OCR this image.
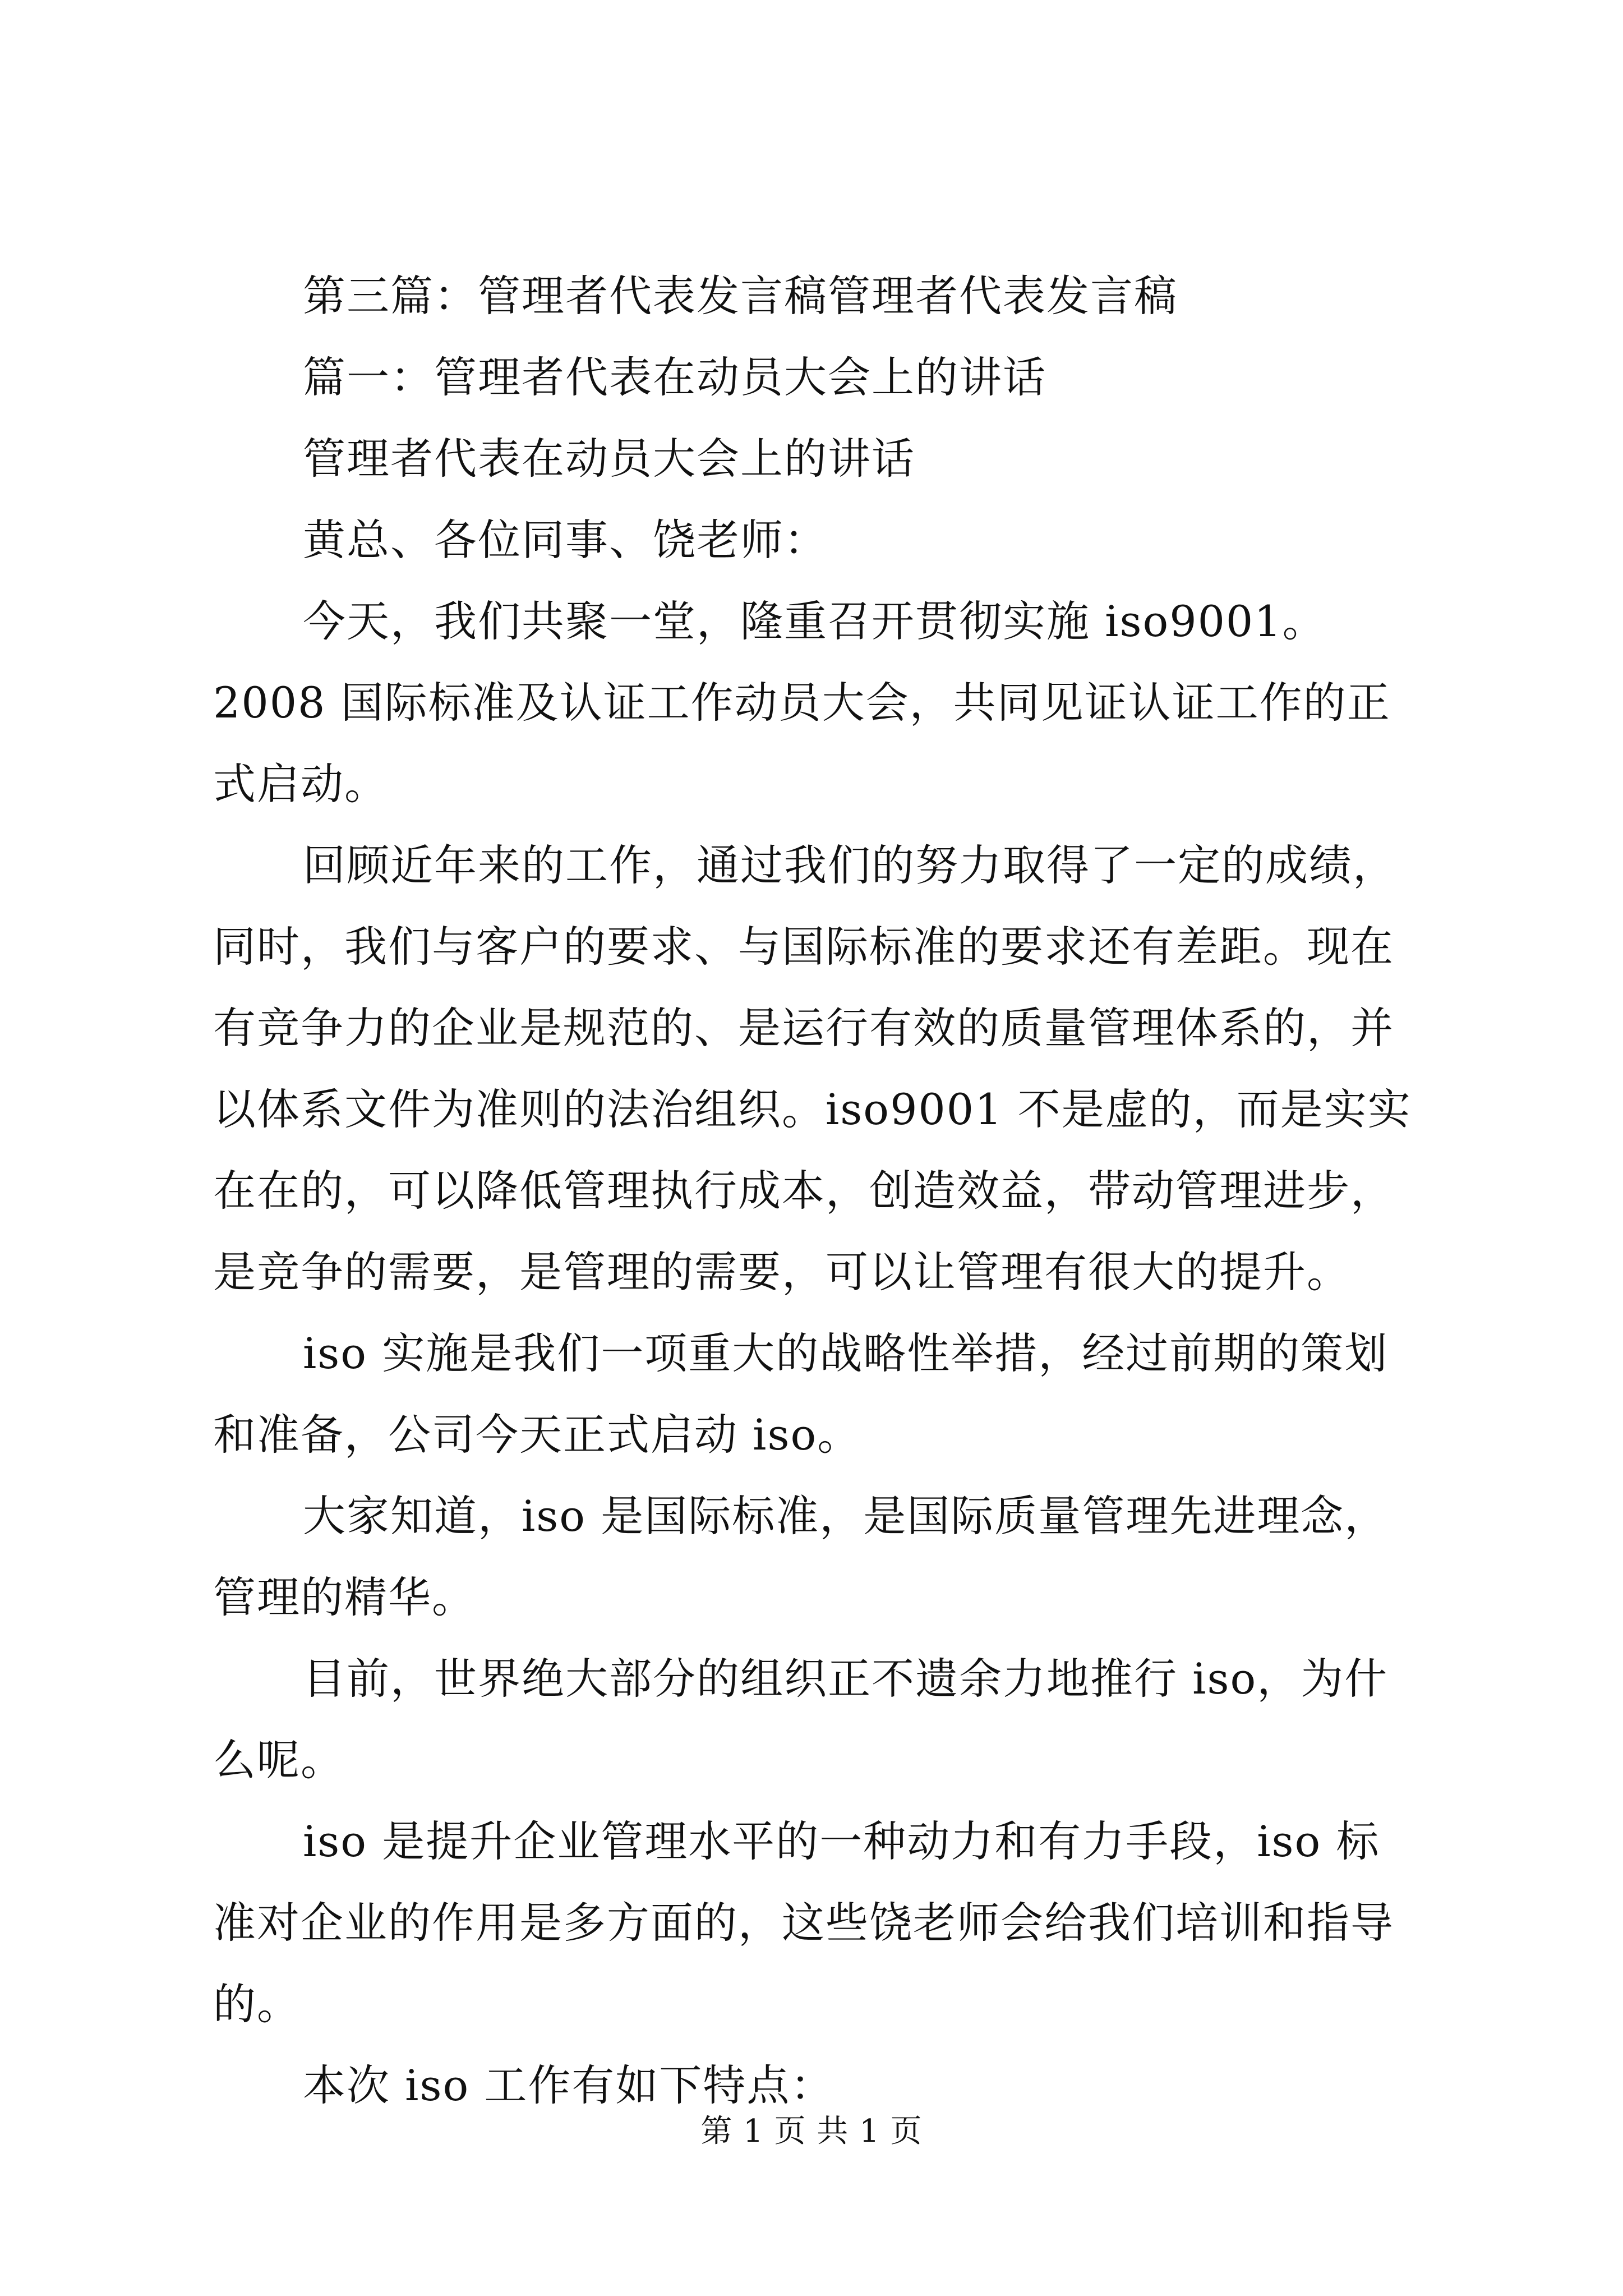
第三篇：管理者代表发言稿管理者代表发言稿

篇一：管理者代表在动员大会上的讲话

管理者代表在动员大会上的讲话

黄总、各位同事、饶老师：

今天，我们共聚一堂，隆重召开贯彻实施 iso9001。2008 国际标准及认证工作动员大会，共同见证认证工作的正式启动。

回顾近年来的工作，通过我们的努力取得了一定的成绩，同时，我们与客户的要求、与国际标准的要求还有差距。现在有竞争力的企业是规范的、是运行有效的质量管理体系的，并以体系文件为准则的法治组织。iso9001 不是虚的，而是实实在在的，可以降低管理执行成本，创造效益，带动管理进步，是竞争的需要，是管理的需要，可以让管理有很大的提升。

iso 实施是我们一项重大的战略性举措，经过前期的策划和准备，公司今天正式启动 iso。

大家知道，iso 是国际标准，是国际质量管理先进理念，管理的精华。

目前，世界绝大部分的组织正不遗余力地推行 iso，为什么呢。

iso 是提升企业管理水平的一种动力和有力手段，iso 标准对企业的作用是多方面的，这些饶老师会给我们培训和指导的。

本次 iso 工作有如下特点：

第 1 页 共 1 页
